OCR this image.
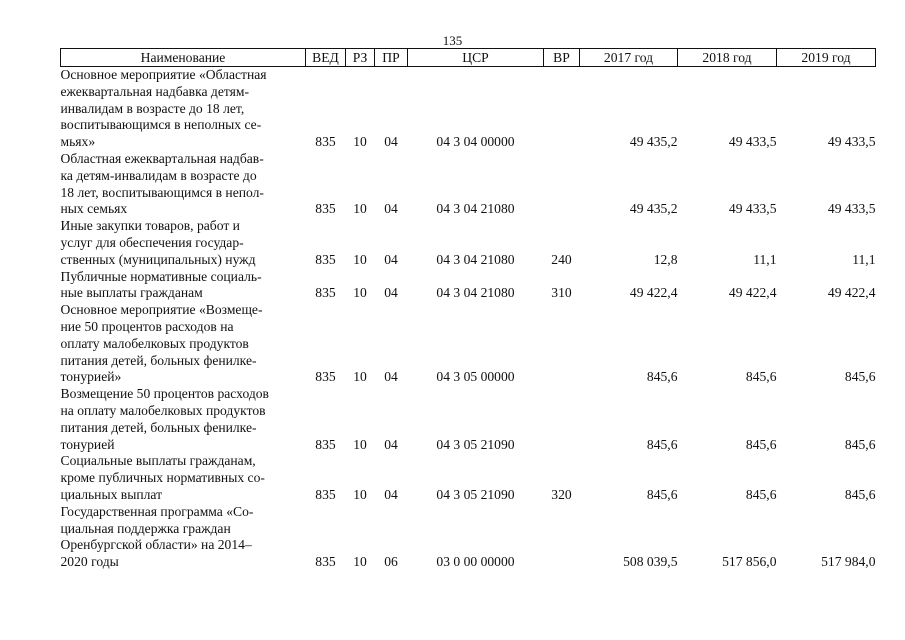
135
Наименование	ВЕД	РЗ	ПР	ЦСР	ВР	2017 год	2018 год	2019 год

Основное мероприятие «Областная
ежеквартальная надбавка детям-
инвалидам в возрасте до 18 лет,
воспитывающимся в неполных се-
мьях»	835	10	04	04 3 04 00000		49 435,2	49 433,5	49 433,5

Областная ежеквартальная надбав-
ка детям-инвалидам в возрасте до
18 лет, воспитывающимся в непол-
ных семьях	835	10	04	04 3 04 21080		49 435,2	49 433,5	49 433,5

Иные закупки товаров, работ и
услуг для обеспечения государ-
ственных (муниципальных) нужд	835	10	04	04 3 04 21080	240	12,8	11,1	11,1

Публичные нормативные социаль-
ные выплаты гражданам	835	10	04	04 3 04 21080	310	49 422,4	49 422,4	49 422,4

Основное мероприятие «Возмеще-
ние 50 процентов расходов на
оплату малобелковых продуктов
питания детей, больных фенилке-
тонурией»	835	10	04	04 3 05 00000		845,6	845,6	845,6

Возмещение 50 процентов расходов
на оплату малобелковых продуктов
питания детей, больных фенилке-
тонурией	835	10	04	04 3 05 21090		845,6	845,6	845,6

Социальные выплаты гражданам,
кроме публичных нормативных со-
циальных выплат	835	10	04	04 3 05 21090	320	845,6	845,6	845,6

Государственная программа «Со-
циальная поддержка граждан
Оренбургской области» на 2014–
2020 годы	835	10	06	03 0 00 00000		508 039,5	517 856,0	517 984,0
